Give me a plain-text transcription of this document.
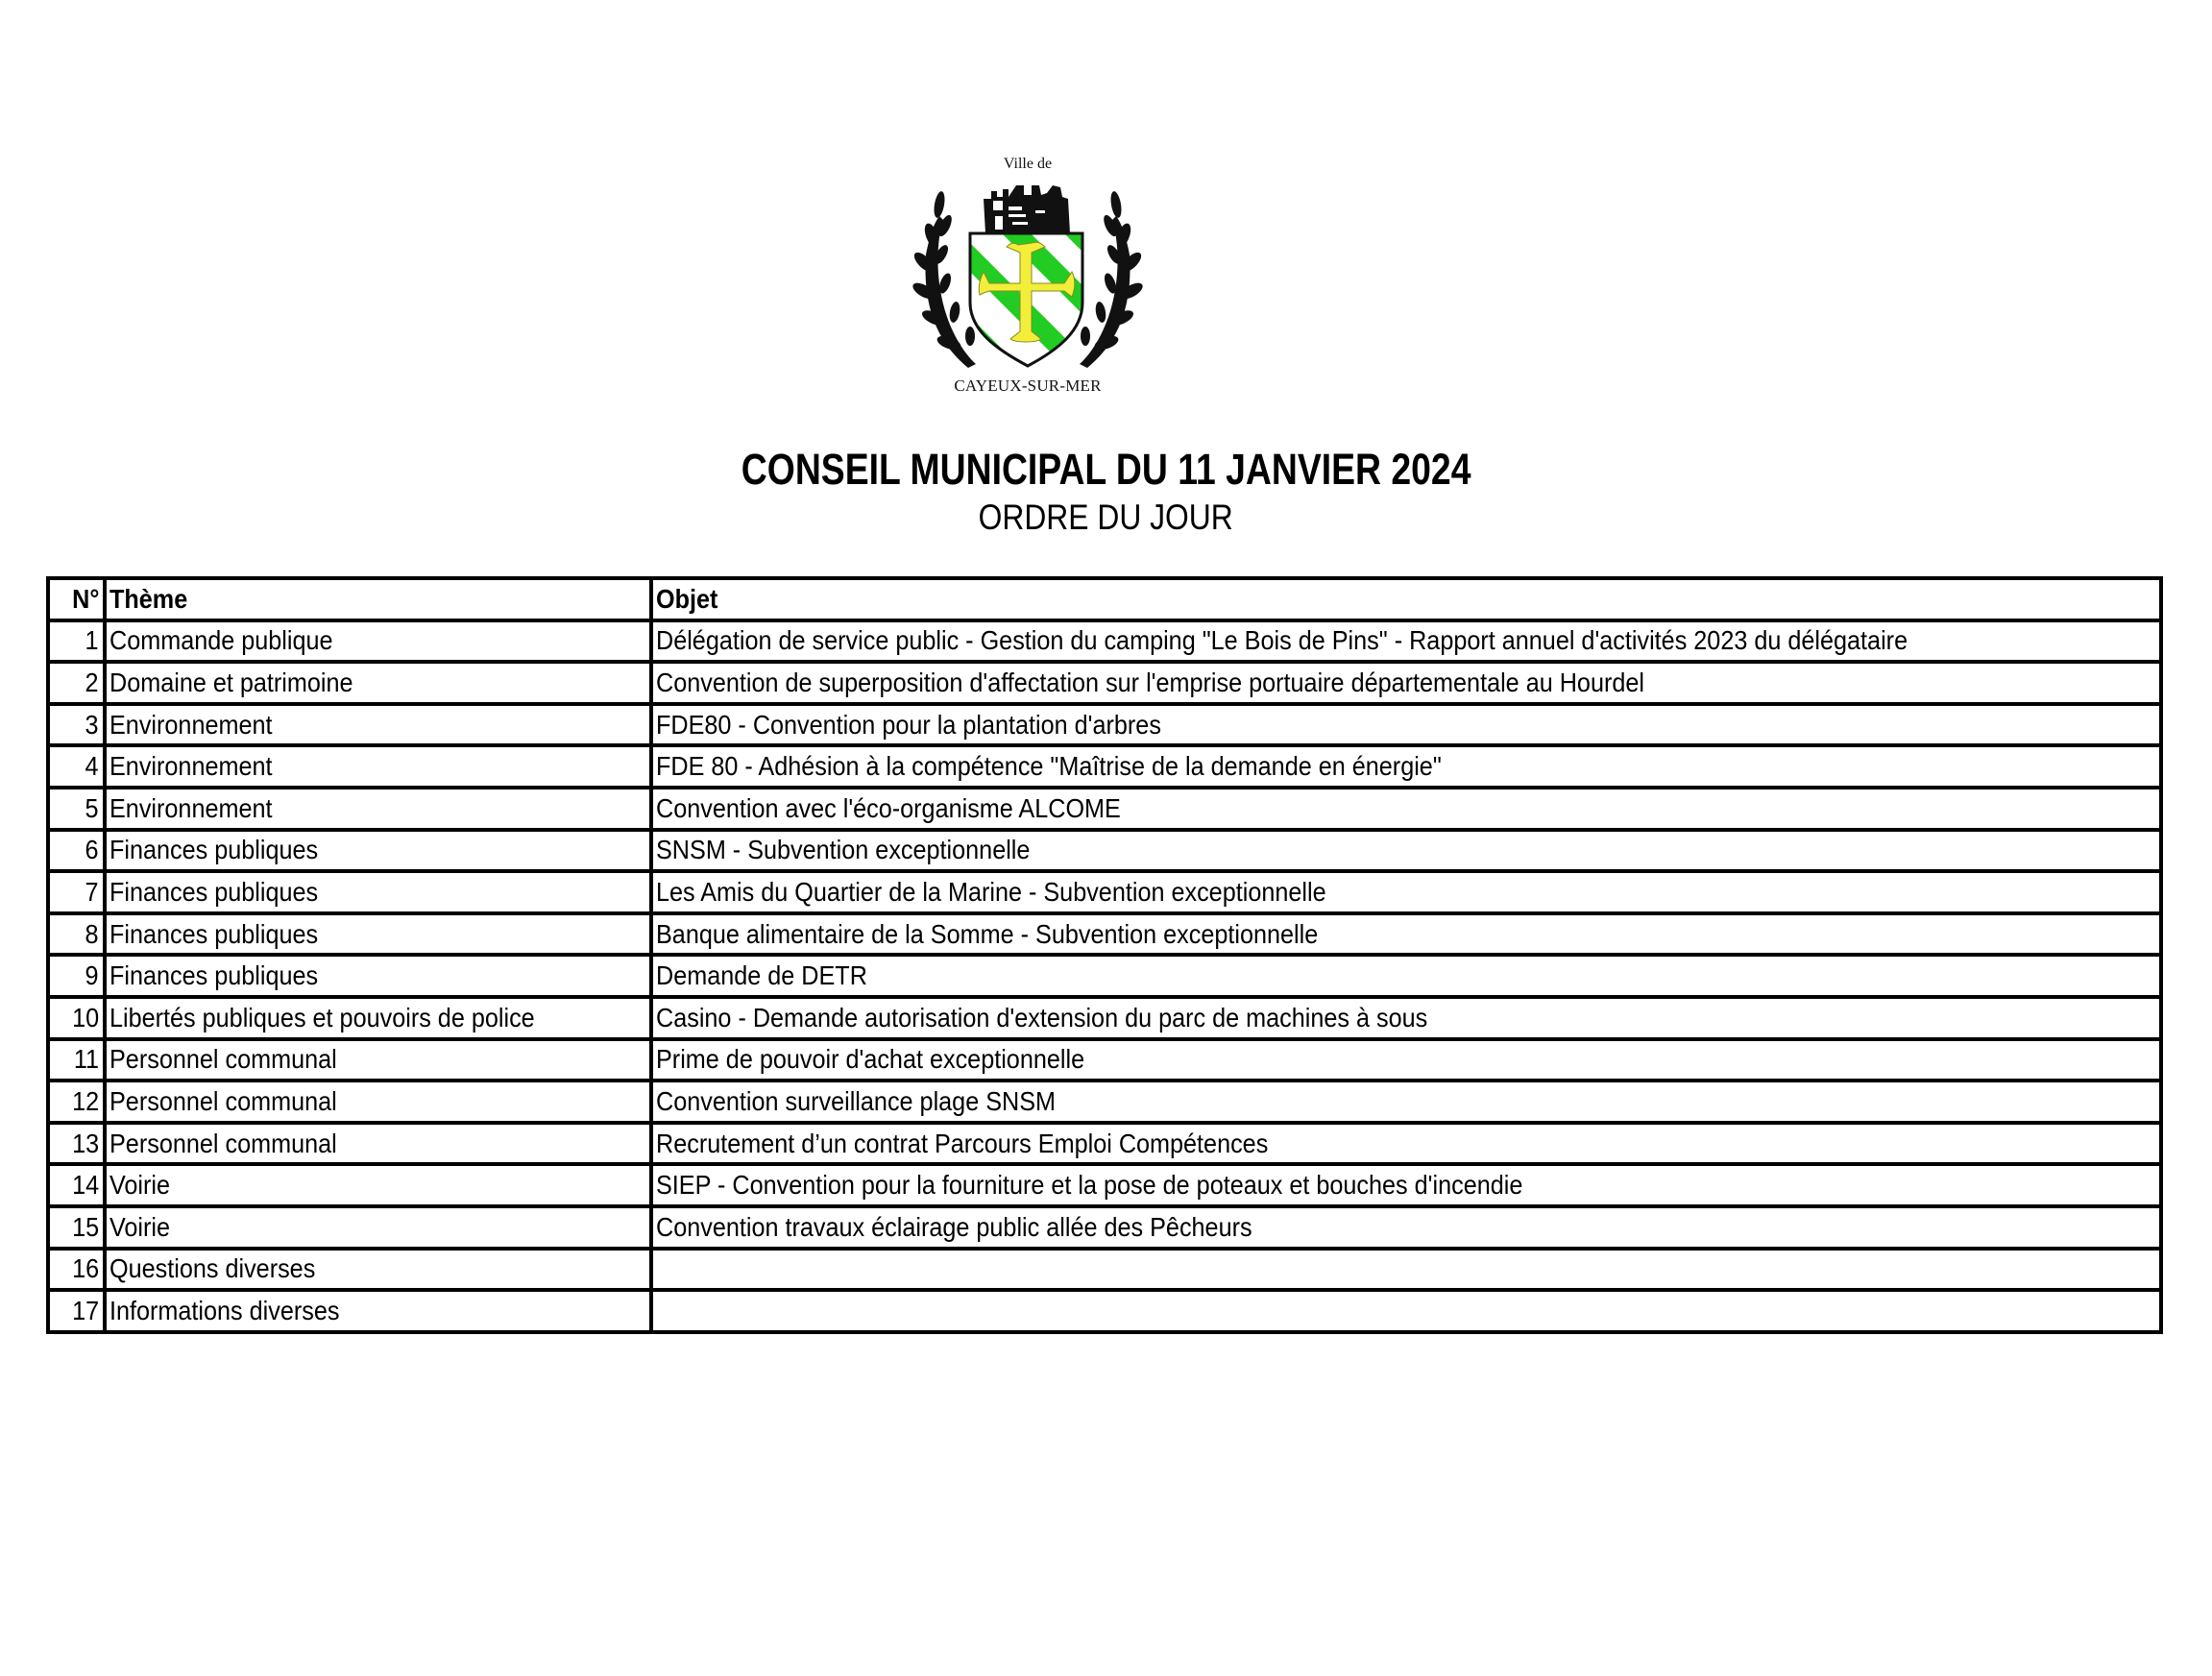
Ville de
CAYEUX-SUR-MER
CONSEIL MUNICIPAL DU 11 JANVIER 2024
ORDRE DU JOUR
N°	Thème	Objet
1	Commande publique	Délégation de service public - Gestion du camping "Le Bois de Pins" - Rapport annuel d'activités 2023 du délégataire
2	Domaine et patrimoine	Convention de superposition d'affectation sur l'emprise portuaire départementale au Hourdel
3	Environnement	FDE80 - Convention pour la plantation d'arbres
4	Environnement	FDE 80 - Adhésion à la compétence "Maîtrise de la demande en énergie"
5	Environnement	Convention avec l'éco-organisme ALCOME
6	Finances publiques	SNSM - Subvention exceptionnelle
7	Finances publiques	Les Amis du Quartier de la Marine - Subvention exceptionnelle
8	Finances publiques	Banque alimentaire de la Somme - Subvention exceptionnelle
9	Finances publiques	Demande de DETR
10	Libertés publiques et pouvoirs de police	Casino - Demande autorisation d'extension du parc de machines à sous
11	Personnel communal	Prime de pouvoir d'achat exceptionnelle
12	Personnel communal	Convention surveillance plage SNSM
13	Personnel communal	Recrutement d’un contrat Parcours Emploi Compétences
14	Voirie	SIEP - Convention pour la fourniture et la pose de poteaux et bouches d'incendie
15	Voirie	Convention travaux éclairage public allée des Pêcheurs
16	Questions diverses	
17	Informations diverses	
